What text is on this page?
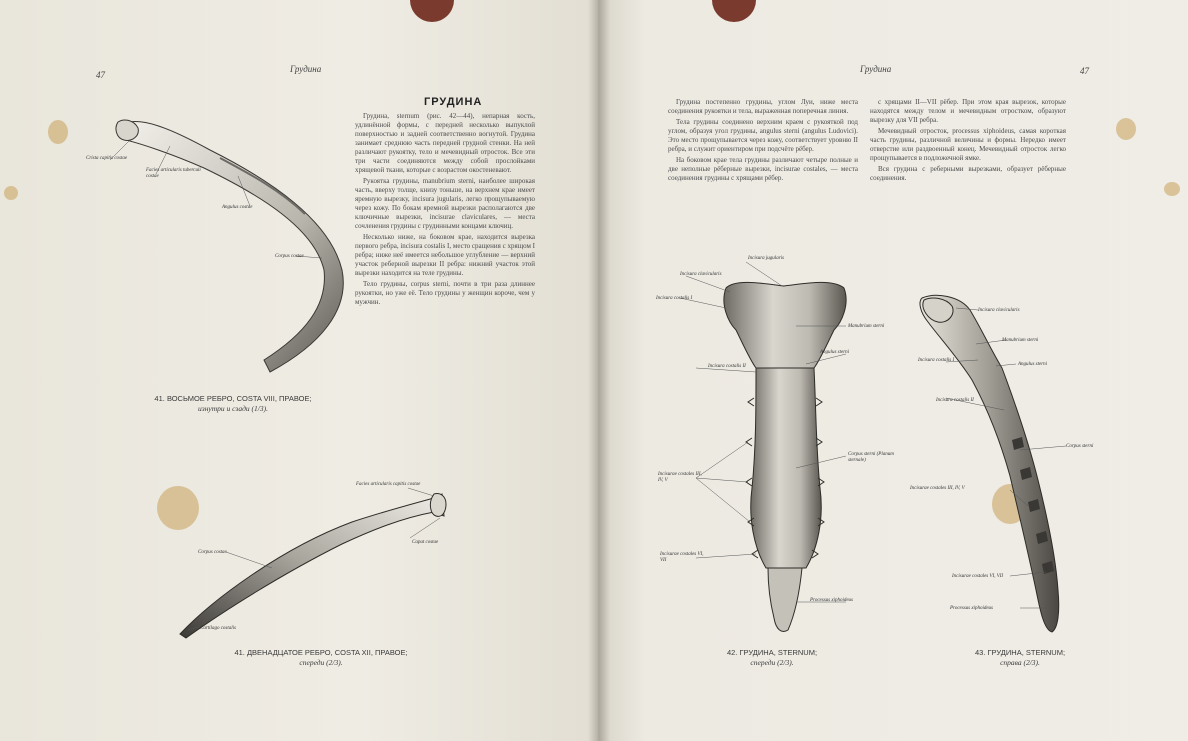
47
Грудина
ГРУДИНА

Грудина, sternum (рис. 42—44), непарная кость, удлинённой формы, с передней несколько выпуклой поверхностью и задней соответственно вогнутой. Грудина занимает среднюю часть передней грудной стенки. На ней различают рукоятку, тело и мечевидный отросток. Все эти три части соединяются между собой прослойками хрящевой ткани, которые с возрастом окостеневают.

Рукоятка грудины, manubrium sterni, наиболее широкая часть, вверху толще, книзу тоньше, на верхнем крае имеет яремную вырезку, incisura jugularis, легко прощупываемую через кожу. По бокам яремной вырезки располагаются две ключичные вырезки, incisurae claviculares, — места сочленения грудины с грудинными концами ключиц.

Несколько ниже, на боковом крае, находится вырезка первого ребра, incisura costalis I, место сращения с хрящом I ребра; ниже неё имеется небольшое углубление — верхний участок реберной вырезки II ребра: нижний участок этой вырезки находится на теле грудины.

Тело грудины, corpus sterni, почти в три раза длиннее рукоятки, но уже её. Тело грудины у женщин короче, чем у мужчин.

Crista capitis costae
Facies articularis tuberculi costae
Angulus costae
Corpus costae
41. ВОСЬМОЕ РЕБРО, COSTA VIII, ПРАВОЕ;
изнутри и сзади (1/3).
Facies articularis capitis costae
Caput costae
Corpus costae
Cartilago costalis
41. ДВЕНАДЦАТОЕ РЕБРО, COSTA XII, ПРАВОЕ;
спереди (2/3).
Грудина	47

Грудина постепенно грудины, углом Луи, ниже места соединения рукоятки и тела, выраженная поперечная линия.

Тела грудины соединено верхним краем с рукояткой под углом, образуя угол грудины, angulus sterni (angulus Ludovici). Это место прощупывается через кожу, соответствует уровню II ребра, и служит ориентиром при подсчёте рёбер.

На боковом крае тела грудины различают четыре полные и две неполные рёберные вырезки, incisurae costales, — места соединения грудины с хрящами рёбер.

с хрящами II—VII рёбер. При этом края вырезок, которые находятся между телом и мечевидным отростком, образуют вырезку для VII ребра.

Мечевидный отросток, processus xiphoideus, самая короткая часть грудины, различной величины и формы. Нередко имеет отверстие или раздвоенный конец. Мечевидный отросток легко прощупывается в подложечной ямке.

Вся грудина с реберными вырезками, образует рёберные соединения.

Incisura jugularis
Incisura clavicularis
Incisura costalis I
Manubrium sterni
Angulus sterni
Incisura costalis II
Corpus sterni (Planum sternale)
Incisurae costales III, IV, V
Incisurae costales VI, VII
Processus xiphoideus
42. ГРУДИНА, STERNUM;
спереди (2/3).
Incisura clavicularis
Manubrium sterni
Angulus sterni
Incisura costalis I
Incisura costalis II
Corpus sterni
Incisurae costales III, IV, V
Incisurae costales VI, VII
Processus xiphoideus
43. ГРУДИНА, STERNUM;
справа (2/3).
